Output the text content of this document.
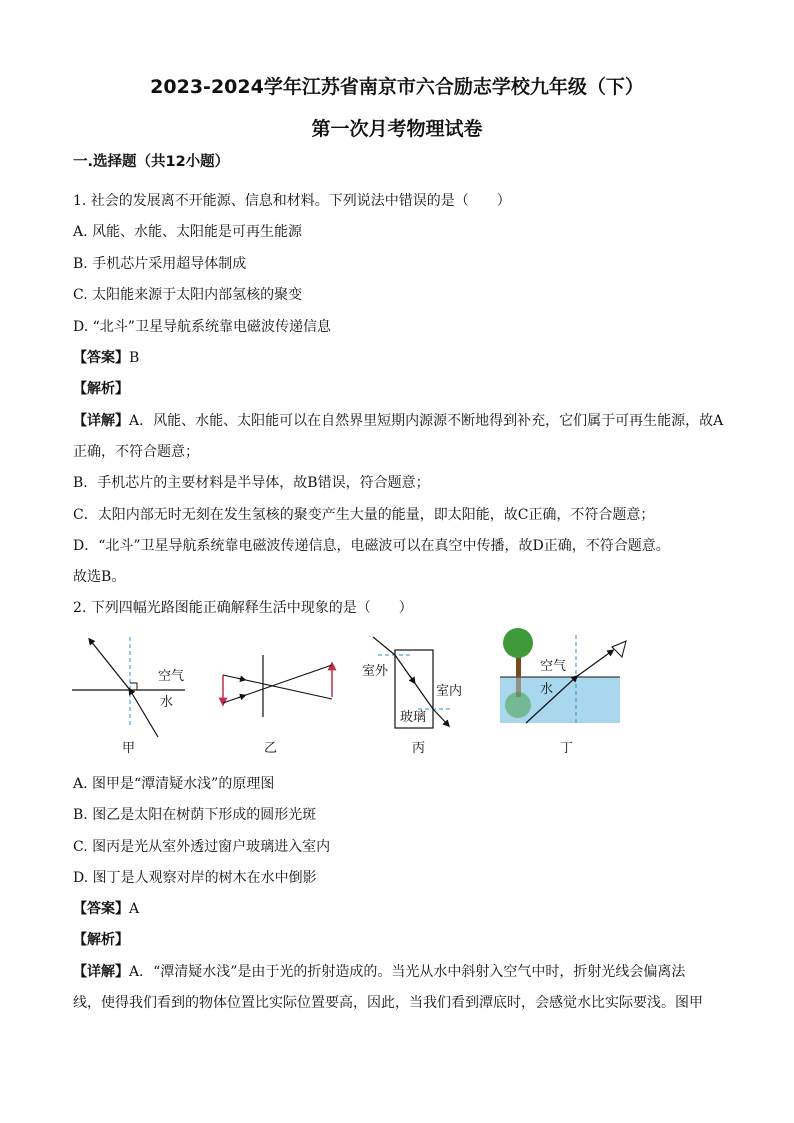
2023-2024学年江苏省南京市六合励志学校九年级（下）
第一次月考物理试卷
一.选择题（共12小题）
1. 社会的发展离不开能源、信息和材料。下列说法中错误的是（　　）
A. 风能、水能、太阳能是可再生能源
B. 手机芯片采用超导体制成
C. 太阳能来源于太阳内部氢核的聚变
D. “北斗”卫星导航系统靠电磁波传递信息
【答案】B
【解析】
【详解】A．风能、水能、太阳能可以在自然界里短期内源源不断地得到补充，它们属于可再生能源，故A
正确，不符合题意；
B．手机芯片的主要材料是半导体，故B错误，符合题意；
C．太阳内部无时无刻在发生氢核的聚变产生大量的能量，即太阳能，故C正确，不符合题意；
D．“北斗”卫星导航系统靠电磁波传递信息，电磁波可以在真空中传播，故D正确，不符合题意。
故选B。
2. 下列四幅光路图能正确解释生活中现象的是（　　）
空气
水
甲	乙
室外
室内
玻璃
丙
空气
水
丁
A. 图甲是“潭清疑水浅”的原理图
B. 图乙是太阳在树荫下形成的圆形光斑
C. 图丙是光从室外透过窗户玻璃进入室内
D. 图丁是人观察对岸的树木在水中倒影
【答案】A
【解析】
【详解】A．“潭清疑水浅”是由于光的折射造成的。当光从水中斜射入空气中时，折射光线会偏离法
线，使得我们看到的物体位置比实际位置要高，因此，当我们看到潭底时，会感觉水比实际要浅。图甲
